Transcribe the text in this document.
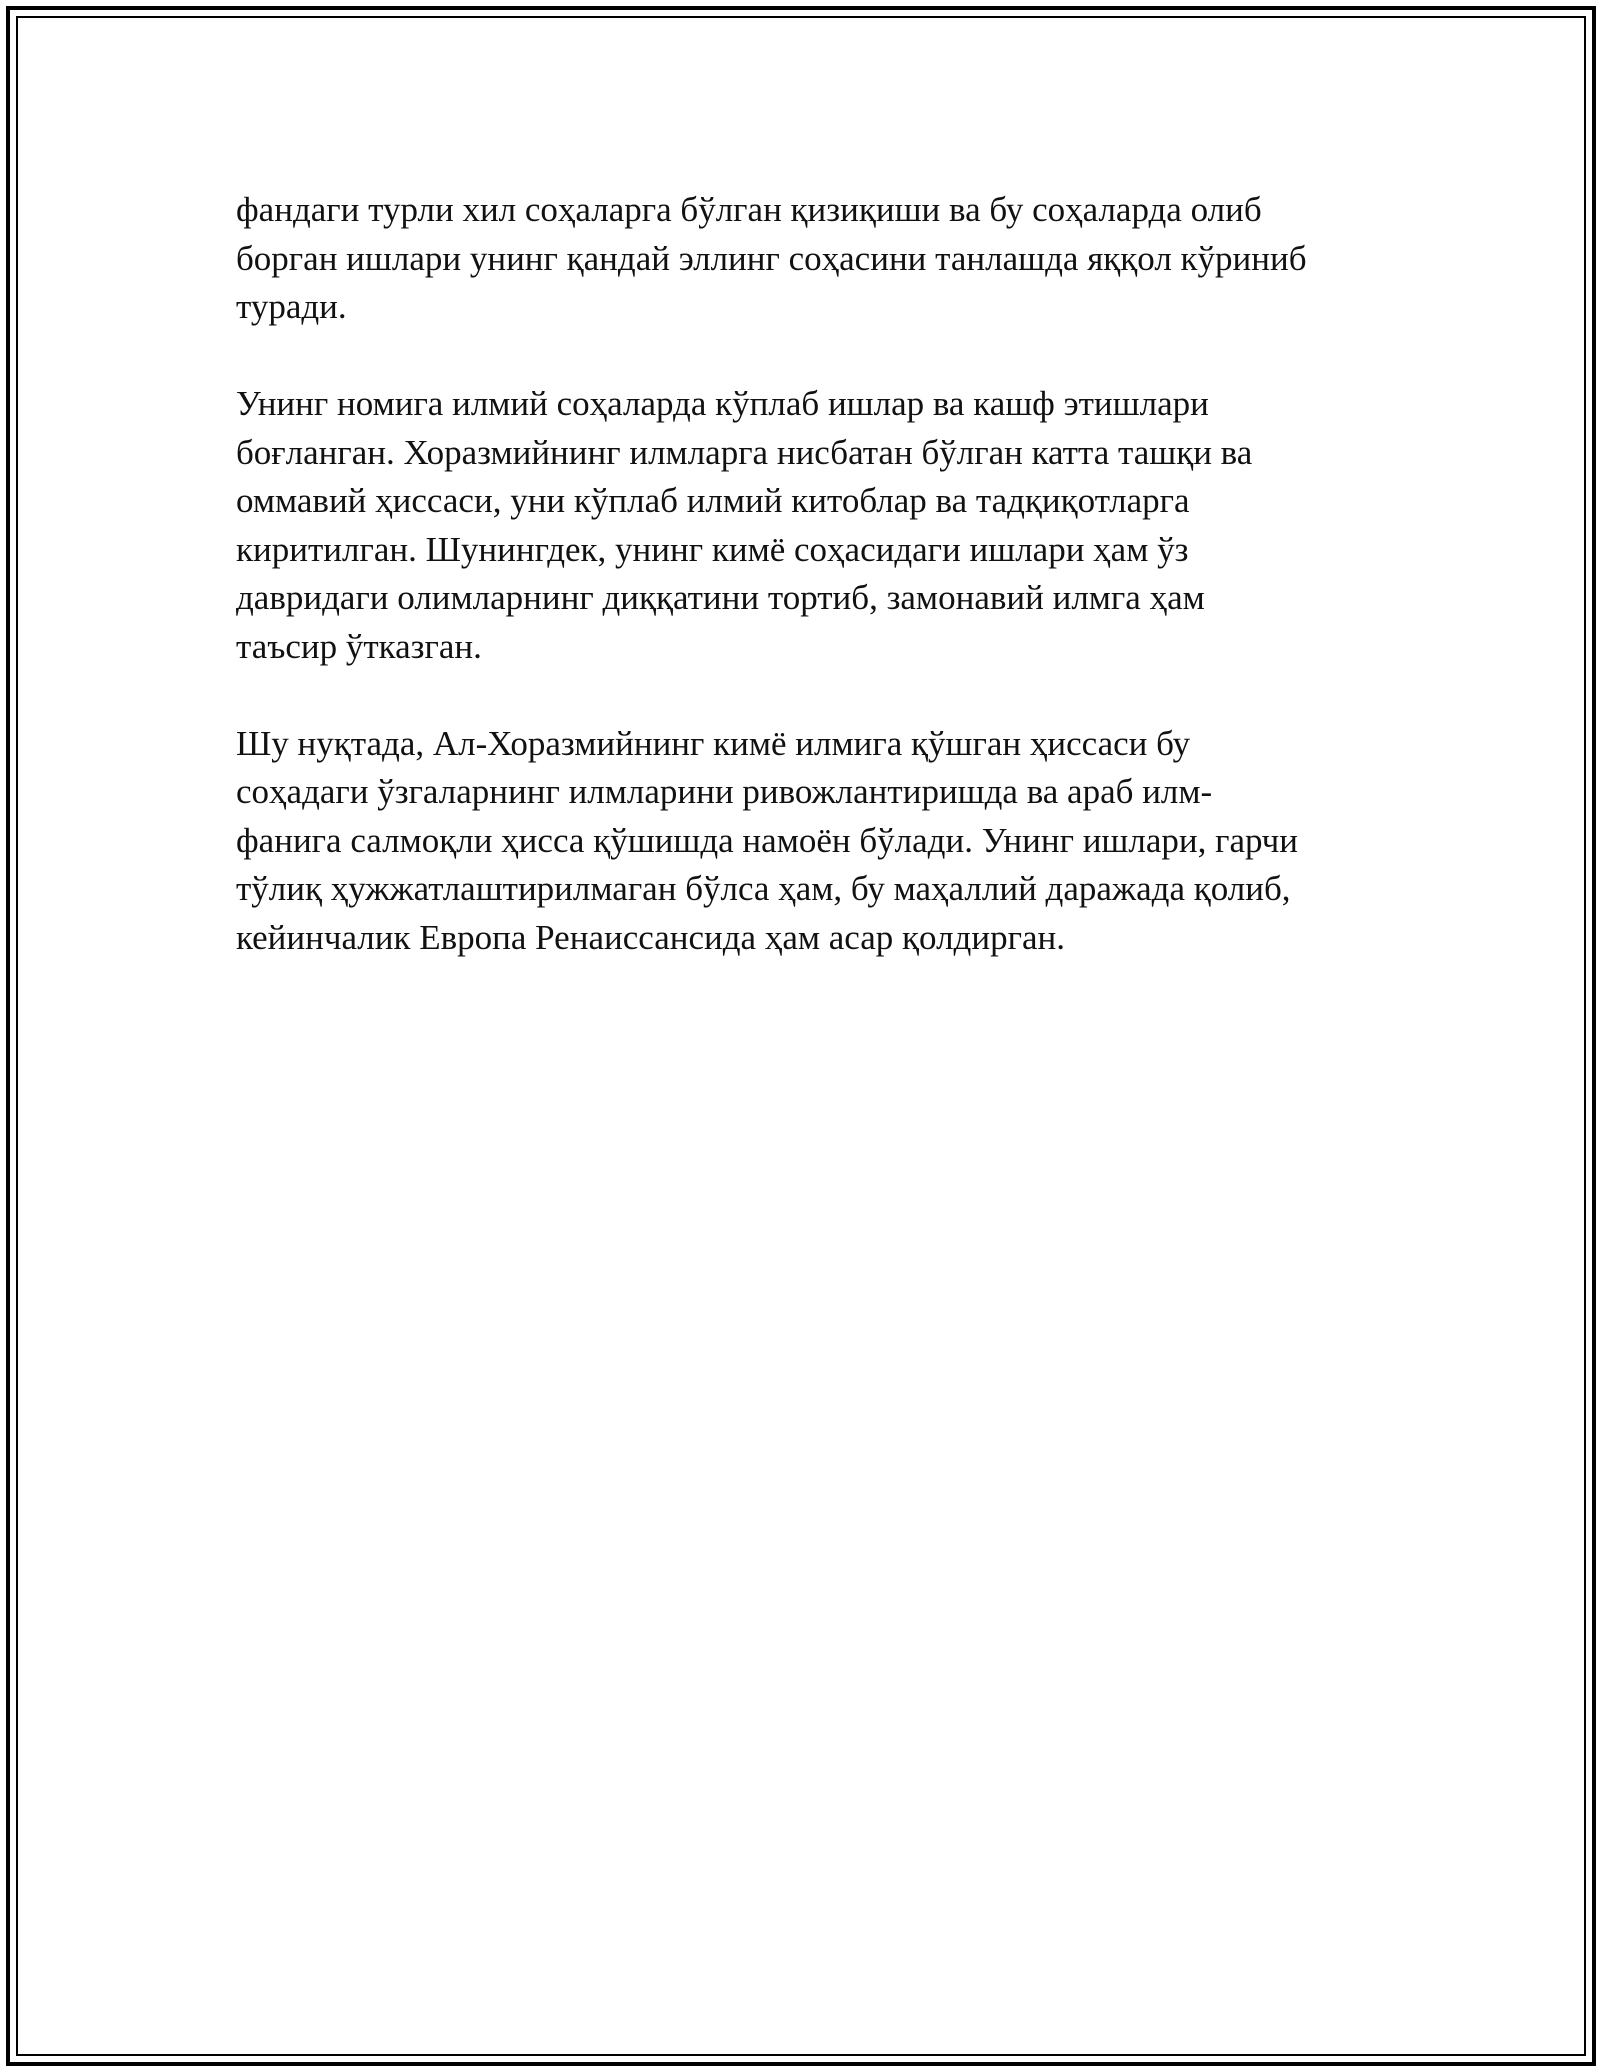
фандаги турли хил соҳаларга бўлган қизиқиши ва бу соҳаларда олиб
борган ишлари унинг қандай эллинг соҳасини танлашда яққол кўриниб
туради.

Унинг номига илмий соҳаларда кўплаб ишлар ва кашф этишлари
боғланган. Хоразмийнинг илмларга нисбатан бўлган катта ташқи ва
оммавий ҳиссаси, уни кўплаб илмий китоблар ва тадқиқотларга
киритилган. Шунингдек, унинг кимё соҳасидаги ишлари ҳам ўз
давридаги олимларнинг диққатини тортиб, замонавий илмга ҳам
таъсир ўтказган.

Шу нуқтада, Ал-Хоразмийнинг кимё илмига қўшган ҳиссаси бу
соҳадаги ўзгаларнинг илмларини ривожлантиришда ва араб илм-
фанига салмоқли ҳисса қўшишда намоён бўлади. Унинг ишлари, гарчи
тўлиқ ҳужжатлаштирилмаган бўлса ҳам, бу маҳаллий даражада қолиб,
кейинчалик Европа Ренаиссансида ҳам асар қолдирган.
